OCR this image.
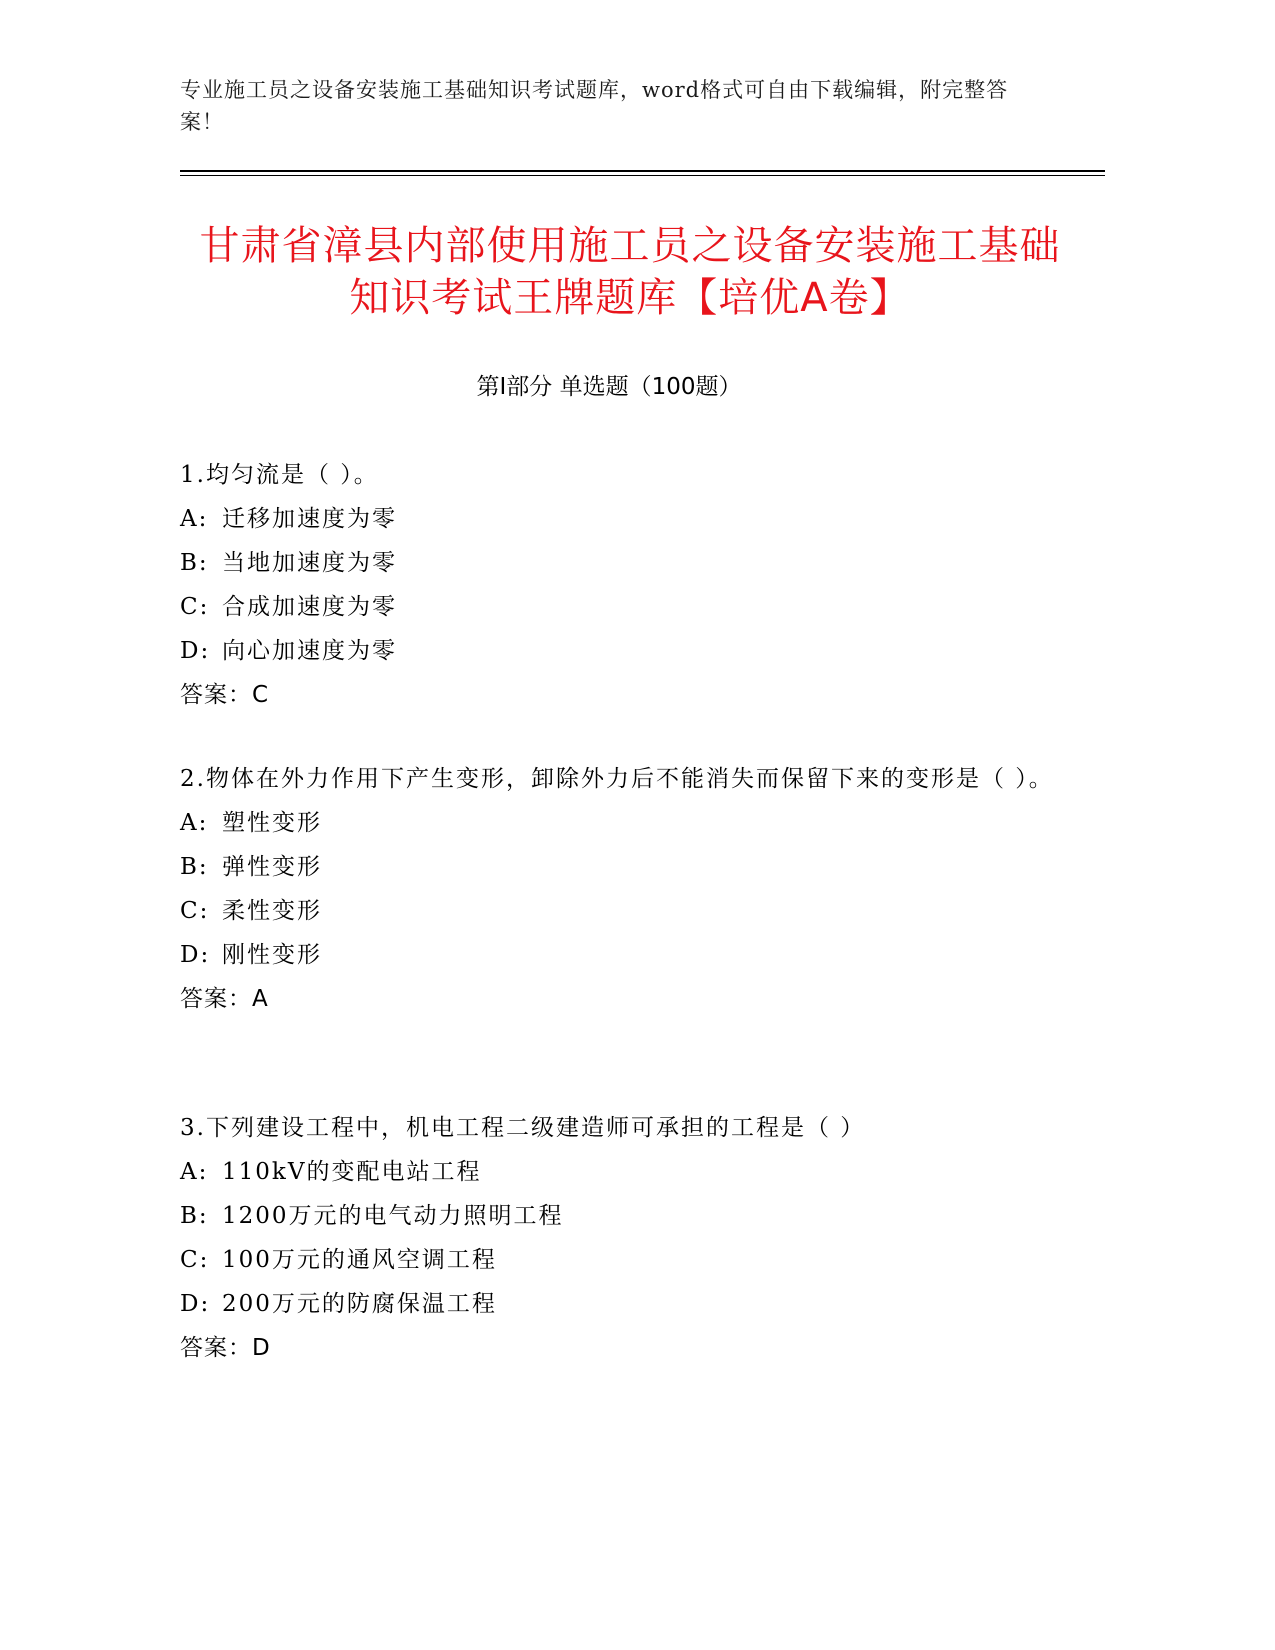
专业施工员之设备安装施工基础知识考试题库，word格式可自由下载编辑，附完整答案！
甘肃省漳县内部使用施工员之设备安装施工基础知识考试王牌题库【培优A卷】
第Ⅰ部分 单选题（100题）

1.均匀流是（ ）。

A: 迁移加速度为零
B: 当地加速度为零
C: 合成加速度为零
D: 向心加速度为零
答案：C

2.物体在外力作用下产生变形，卸除外力后不能消失而保留下来的变形是（ ）。

A: 塑性变形
B: 弹性变形
C: 柔性变形
D: 刚性变形
答案：A

3.下列建设工程中，机电工程二级建造师可承担的工程是（ ）

A: 110kV的变配电站工程
B: 1200万元的电气动力照明工程
C: 100万元的通风空调工程
D: 200万元的防腐保温工程
答案：D
